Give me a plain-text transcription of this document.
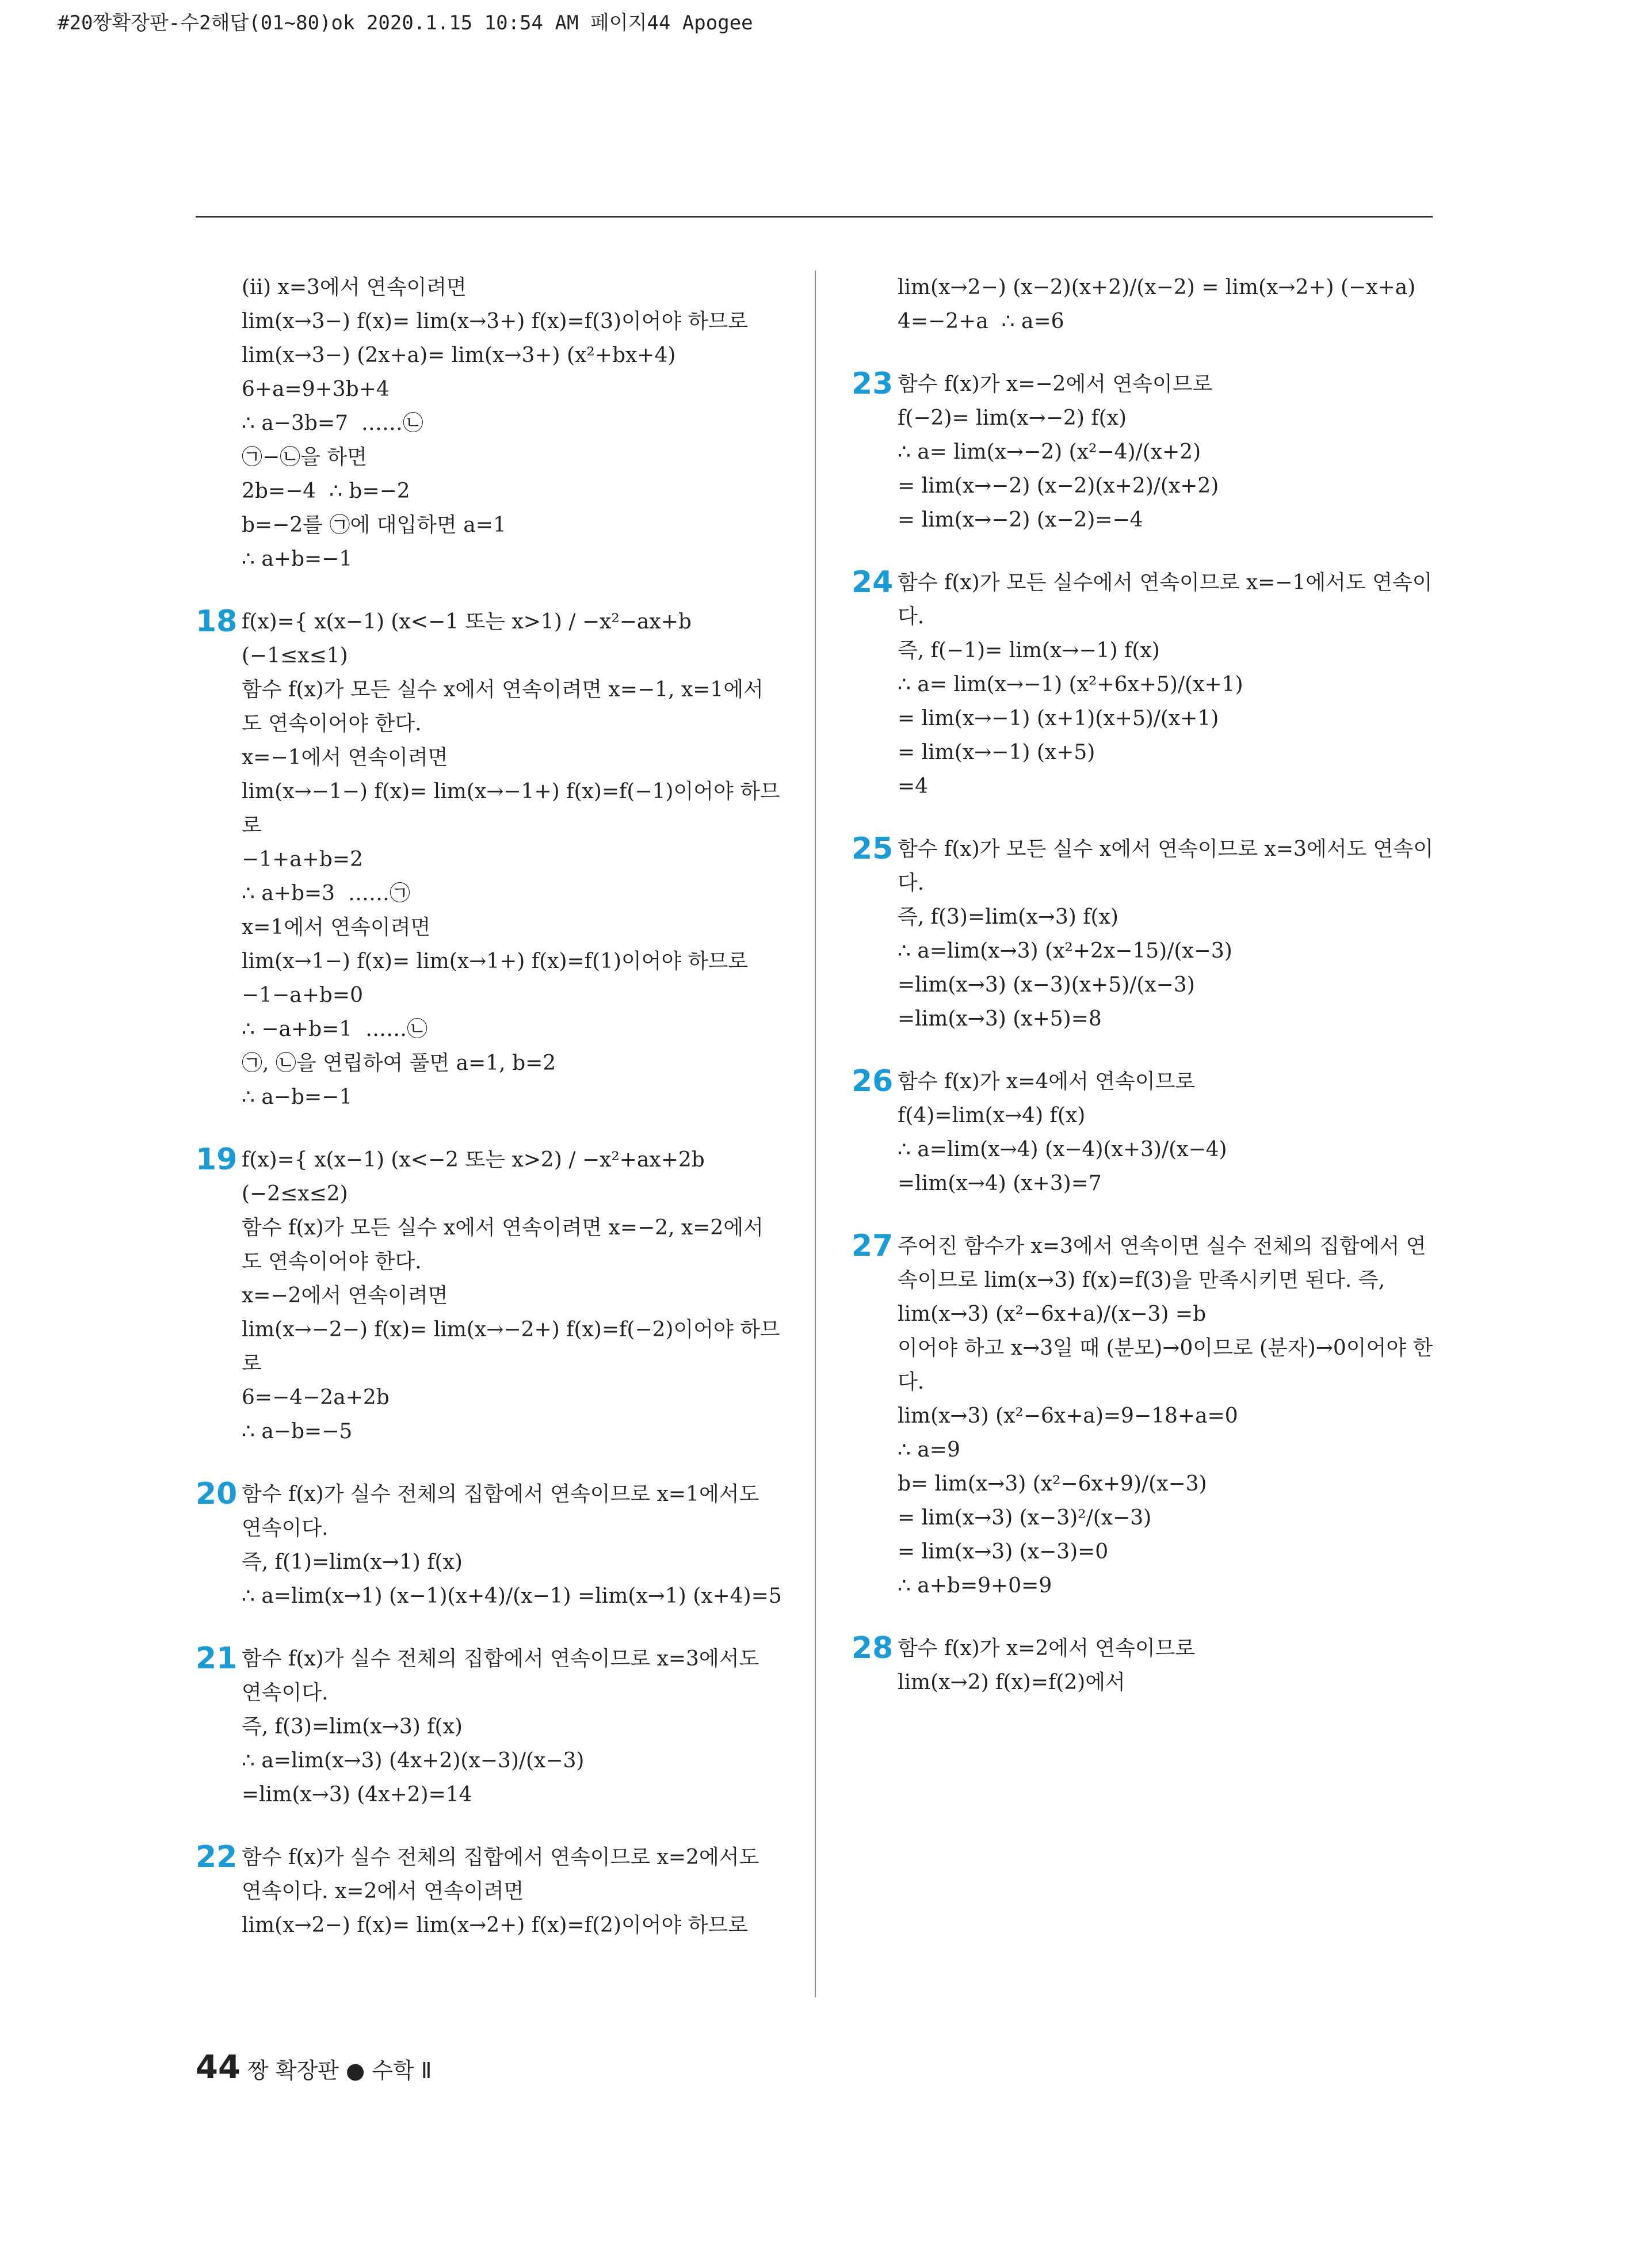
#20짱확장판-수2해답(01~80)ok 2020.1.15 10:54 AM 페이지44 Apogee
(ⅱ) x=3에서 연속이려면
lim(x→3−) f(x)= lim(x→3+) f(x)=f(3)이어야 하므로
lim(x→3−) (2x+a)= lim(x→3+) (x²+bx+4)
6+a=9+3b+4
∴ a−3b=7  ……㉡
㉠−㉡을 하면
2b=−4  ∴ b=−2
b=−2를 ㉠에 대입하면 a=1
∴ a+b=−1
18 f(x)={ x(x−1) (x<−1 또는 x>1) / −x²−ax+b (−1≤x≤1)
함수 f(x)가 모든 실수 x에서 연속이려면 x=−1, x=1에서도 연속이어야 한다.
x=−1에서 연속이려면
lim(x→−1−) f(x)= lim(x→−1+) f(x)=f(−1)이어야 하므로
−1+a+b=2
∴ a+b=3  ……㉠
x=1에서 연속이려면
lim(x→1−) f(x)= lim(x→1+) f(x)=f(1)이어야 하므로
−1−a+b=0
∴ −a+b=1  ……㉡
㉠, ㉡을 연립하여 풀면 a=1, b=2
∴ a−b=−1
19 f(x)={ x(x−1) (x<−2 또는 x>2) / −x²+ax+2b (−2≤x≤2)
함수 f(x)가 모든 실수 x에서 연속이려면 x=−2, x=2에서도 연속이어야 한다.
x=−2에서 연속이려면
lim(x→−2−) f(x)= lim(x→−2+) f(x)=f(−2)이어야 하므로
6=−4−2a+2b
∴ a−b=−5
20 함수 f(x)가 실수 전체의 집합에서 연속이므로 x=1에서도 연속이다.
즉, f(1)=lim(x→1) f(x)
∴ a=lim(x→1) (x−1)(x+4)/(x−1) =lim(x→1) (x+4)=5
21 함수 f(x)가 실수 전체의 집합에서 연속이므로 x=3에서도 연속이다.
즉, f(3)=lim(x→3) f(x)
∴ a=lim(x→3) (4x+2)(x−3)/(x−3)
=lim(x→3) (4x+2)=14
22 함수 f(x)가 실수 전체의 집합에서 연속이므로 x=2에서도 연속이다. x=2에서 연속이려면
lim(x→2−) f(x)= lim(x→2+) f(x)=f(2)이어야 하므로
lim(x→2−) (x−2)(x+2)/(x−2) = lim(x→2+) (−x+a)
4=−2+a  ∴ a=6
23 함수 f(x)가 x=−2에서 연속이므로
f(−2)= lim(x→−2) f(x)
∴ a= lim(x→−2) (x²−4)/(x+2)
= lim(x→−2) (x−2)(x+2)/(x+2)
= lim(x→−2) (x−2)=−4
24 함수 f(x)가 모든 실수에서 연속이므로 x=−1에서도 연속이다.
즉, f(−1)= lim(x→−1) f(x)
∴ a= lim(x→−1) (x²+6x+5)/(x+1)
= lim(x→−1) (x+1)(x+5)/(x+1)
= lim(x→−1) (x+5)
=4
25 함수 f(x)가 모든 실수 x에서 연속이므로 x=3에서도 연속이다.
즉, f(3)=lim(x→3) f(x)
∴ a=lim(x→3) (x²+2x−15)/(x−3)
=lim(x→3) (x−3)(x+5)/(x−3)
=lim(x→3) (x+5)=8
26 함수 f(x)가 x=4에서 연속이므로
f(4)=lim(x→4) f(x)
∴ a=lim(x→4) (x−4)(x+3)/(x−4)
=lim(x→4) (x+3)=7
27 주어진 함수가 x=3에서 연속이면 실수 전체의 집합에서 연속이므로 lim(x→3) f(x)=f(3)을 만족시키면 된다. 즉,
lim(x→3) (x²−6x+a)/(x−3) =b
이어야 하고 x→3일 때 (분모)→0이므로 (분자)→0이어야 한다.
lim(x→3) (x²−6x+a)=9−18+a=0
∴ a=9
b= lim(x→3) (x²−6x+9)/(x−3)
= lim(x→3) (x−3)²/(x−3)
= lim(x→3) (x−3)=0
∴ a+b=9+0=9
28 함수 f(x)가 x=2에서 연속이므로
lim(x→2) f(x)=f(2)에서
44 짱 확장판 ● 수학 Ⅱ
